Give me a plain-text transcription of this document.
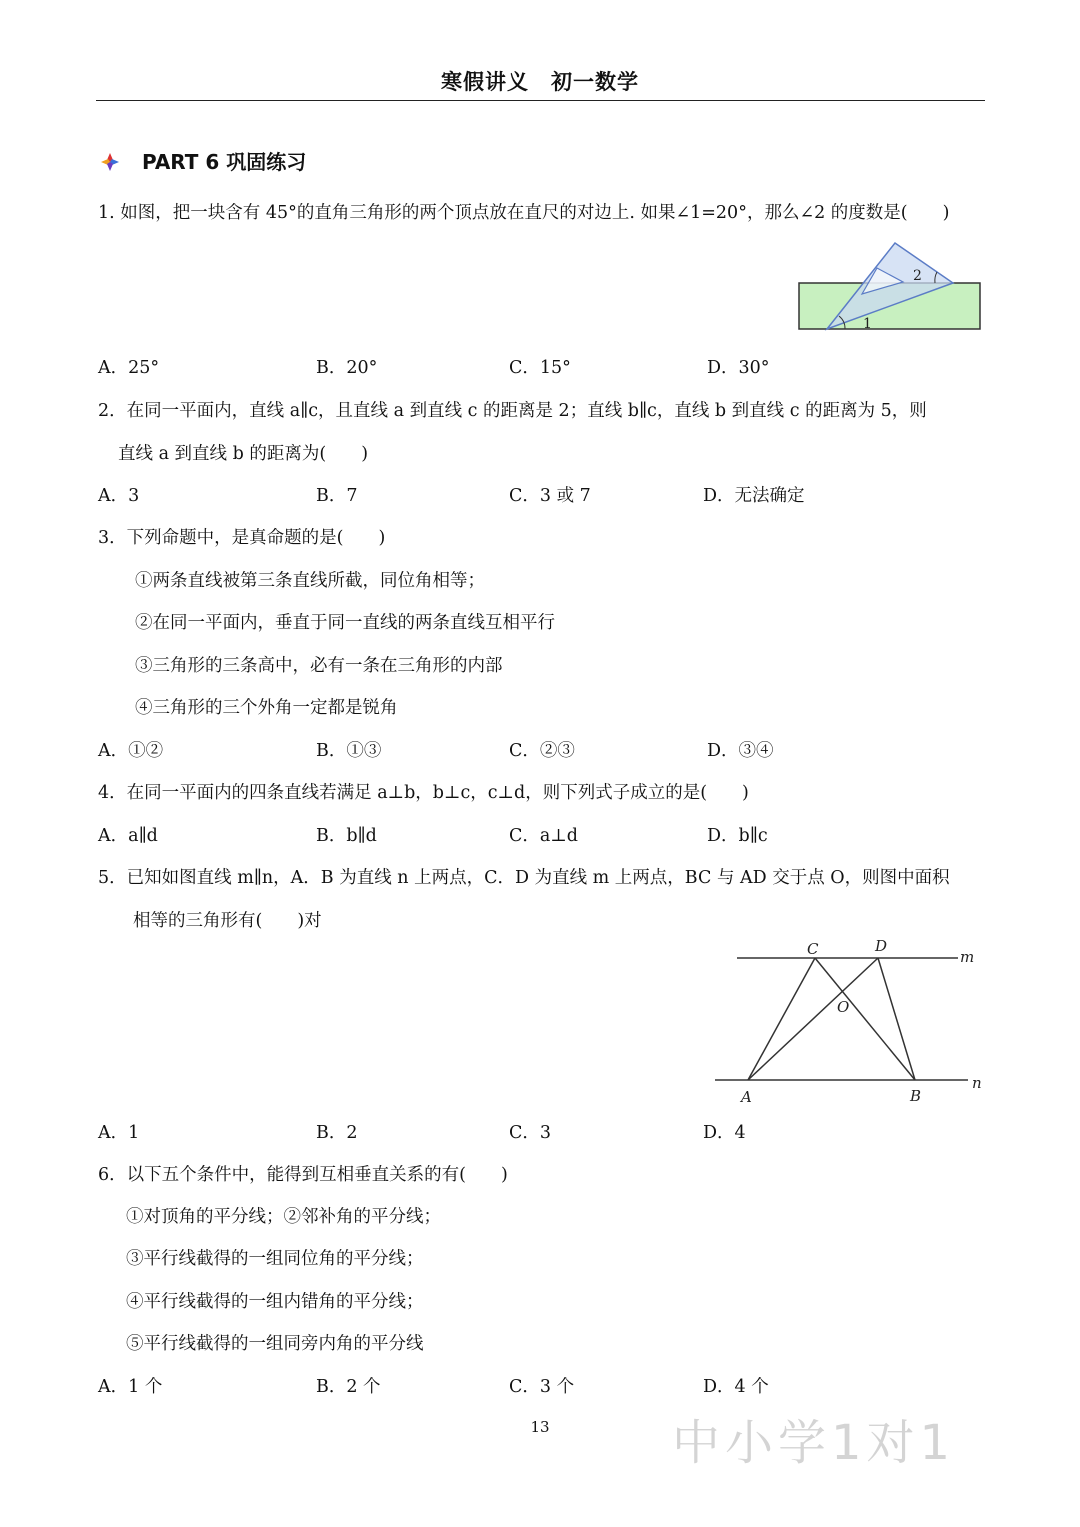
寒假讲义　初一数学
PART 6 巩固练习
1. 如图，把一块含有 45°的直角三角形的两个顶点放在直尺的对边上. 如果∠1=20°，那么∠2 的度数是(　　)
1
2
A．25°	B．20°	C．15°	D．30°
2．在同一平面内，直线 a∥c，且直线 a 到直线 c 的距离是 2；直线 b∥c，直线 b 到直线 c 的距离为 5，则
直线 a 到直线 b 的距离为(　　)
A．3	B．7	C．3 或 7	D．无法确定
3．下列命题中，是真命题的是(　　)
①两条直线被第三条直线所截，同位角相等；
②在同一平面内，垂直于同一直线的两条直线互相平行
③三角形的三条高中，必有一条在三角形的内部
④三角形的三个外角一定都是锐角
A．①②	B．①③	C．②③	D．③④
4．在同一平面内的四条直线若满足 a⊥b，b⊥c，c⊥d，则下列式子成立的是(　　)
A．a∥d	B．b∥d	C．a⊥d	D．b∥c
5．已知如图直线 m∥n，A．B 为直线 n 上两点，C．D 为直线 m 上两点，BC 与 AD 交于点 O，则图中面积
相等的三角形有(　　)对
C	D
O
A	B
m
n
A．1	B．2	C．3	D．4
6．以下五个条件中，能得到互相垂直关系的有(　　)
①对顶角的平分线；②邻补角的平分线；
③平行线截得的一组同位角的平分线；
④平行线截得的一组内错角的平分线；
⑤平行线截得的一组同旁内角的平分线
A．1 个	B．2 个	C．3 个	D．4 个
13	中小学1对1
